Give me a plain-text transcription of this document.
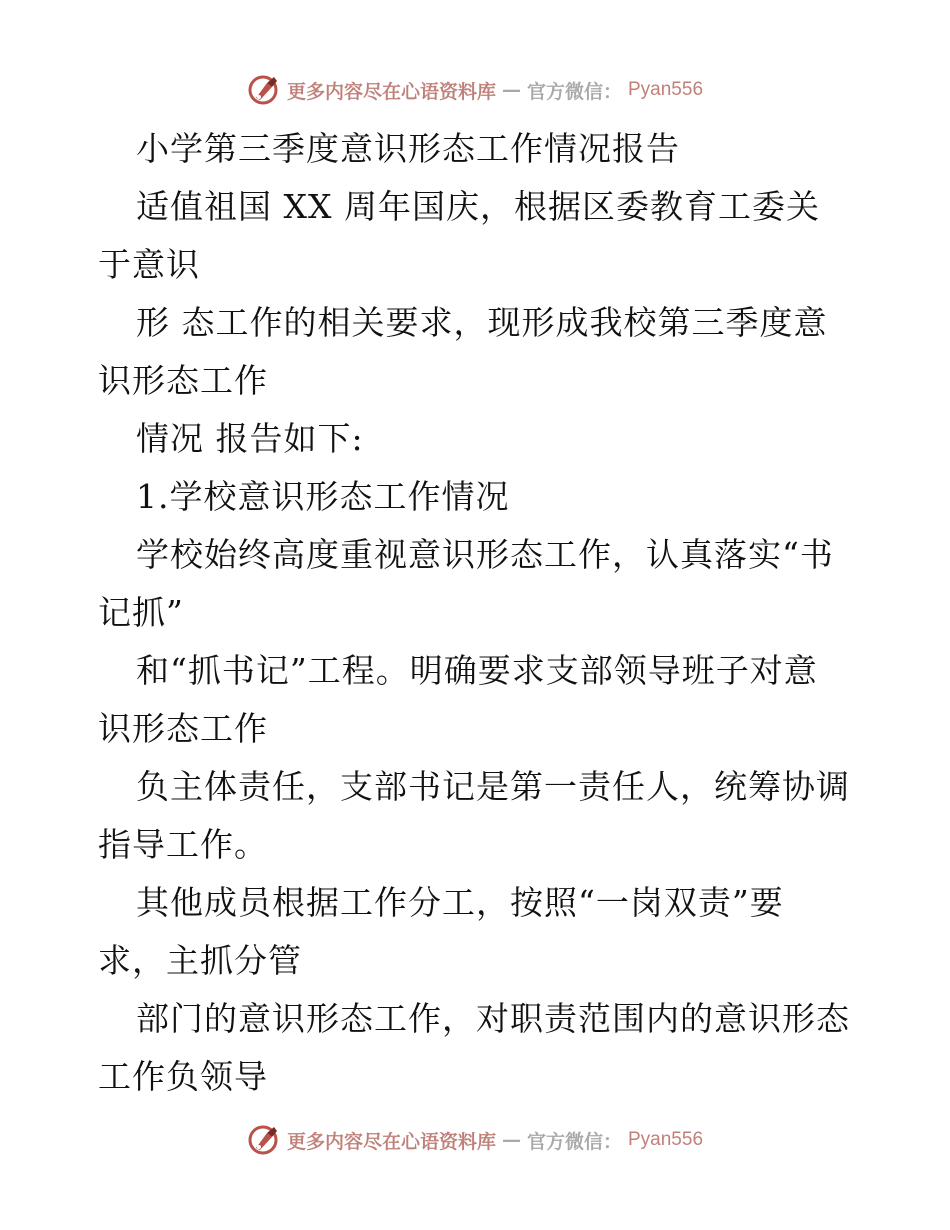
更多内容尽在心语资料库 — 官方微信： Pyan556
小学第三季度意识形态工作情况报告
适值祖国 XX 周年国庆，根据区委教育工委关
于意识
形 态工作的相关要求，现形成我校第三季度意
识形态工作
情况 报告如下:
1.学校意识形态工作情况
学校始终高度重视意识形态工作，认真落实“书
记抓”
和“抓书记”工程。明确要求支部领导班子对意
识形态工作
负主体责任，支部书记是第一责任人，统筹协调
指导工作。
其他成员根据工作分工，按照“一岗双责”要
求，主抓分管
部门的意识形态工作，对职责范围内的意识形态
工作负领导
更多内容尽在心语资料库 — 官方微信： Pyan556
